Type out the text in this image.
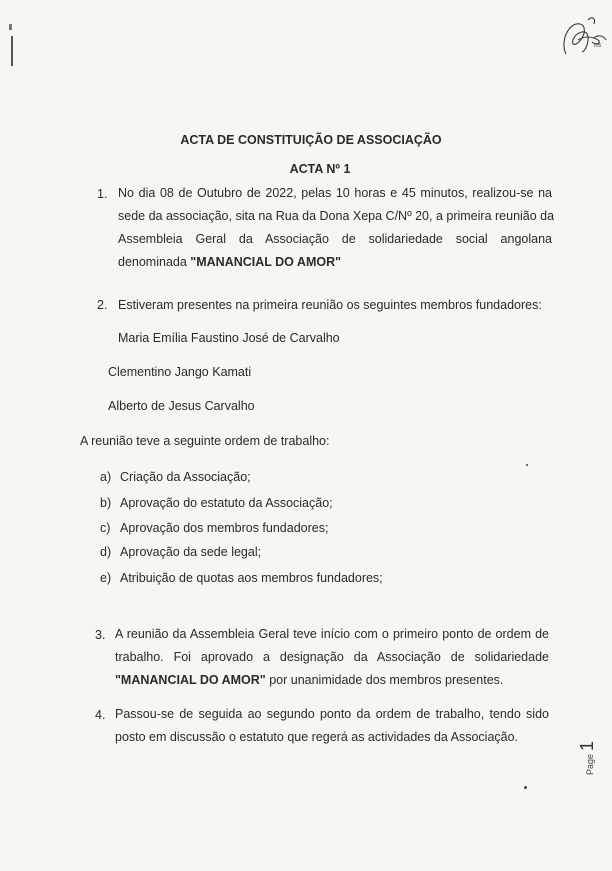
ns
ACTA DE CONSTITUIÇÃO DE ASSOCIAÇÃO
ACTA Nº 1
1. No dia 08 de Outubro de 2022, pelas 10 horas e 45 minutos, realizou-se na
sede da associação, sita na Rua da Dona Xepa C/Nº 20, a primeira reunião da
Assembleia Geral da Associação de solidariedade social angolana
denominada "MANANCIAL DO AMOR"
2. Estiveram presentes na primeira reunião os seguintes membros fundadores:
Maria Emília Faustino José de Carvalho
Clementino Jango Kamati
Alberto de Jesus Carvalho
A reunião teve a seguinte ordem de trabalho:
a) Criação da Associação;
b) Aprovação do estatuto da Associação;
c) Aprovação dos membros fundadores;
d) Aprovação da sede legal;
e) Atribuição de quotas aos membros fundadores;
3. A reunião da Assembleia Geral teve início com o primeiro ponto de ordem de
trabalho. Foi aprovado a designação da Associação de solidariedade
"MANANCIAL DO AMOR" por unanimidade dos membros presentes.
4. Passou-se de seguida ao segundo ponto da ordem de trabalho, tendo sido
posto em discussão o estatuto que regerá as actividades da Associação.
Page1
